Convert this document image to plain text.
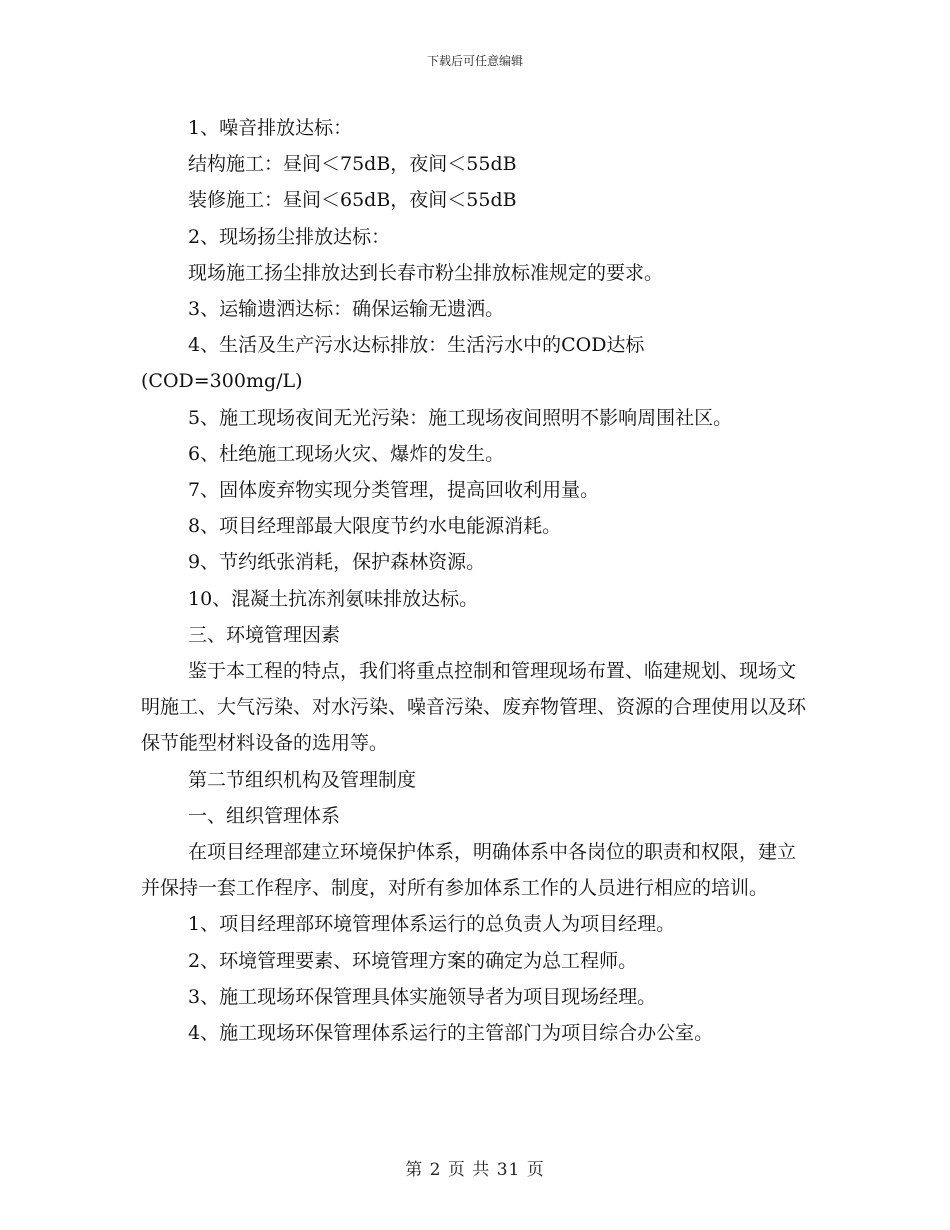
下载后可任意编辑

1、噪音排放达标：

结构施工：昼间＜75dB，夜间＜55dB

装修施工：昼间＜65dB，夜间＜55dB

2、现场扬尘排放达标：

现场施工扬尘排放达到长春市粉尘排放标准规定的要求。

3、运输遗洒达标：确保运输无遗洒。

4、生活及生产污水达标排放：生活污水中的COD达标

(COD=300mg/L)

5、施工现场夜间无光污染：施工现场夜间照明不影响周围社区。

6、杜绝施工现场火灾、爆炸的发生。

7、固体废弃物实现分类管理，提高回收利用量。

8、项目经理部最大限度节约水电能源消耗。

9、节约纸张消耗，保护森林资源。

10、混凝土抗冻剂氨味排放达标。

三、环境管理因素

鉴于本工程的特点，我们将重点控制和管理现场布置、临建规划、现场文明施工、大气污染、对水污染、噪音污染、废弃物管理、资源的合理使用以及环保节能型材料设备的选用等。

第二节组织机构及管理制度

一、组织管理体系

在项目经理部建立环境保护体系，明确体系中各岗位的职责和权限，建立并保持一套工作程序、制度，对所有参加体系工作的人员进行相应的培训。

1、项目经理部环境管理体系运行的总负责人为项目经理。

2、环境管理要素、环境管理方案的确定为总工程师。

3、施工现场环保管理具体实施领导者为项目现场经理。

4、施工现场环保管理体系运行的主管部门为项目综合办公室。

第 2 页 共 31 页
